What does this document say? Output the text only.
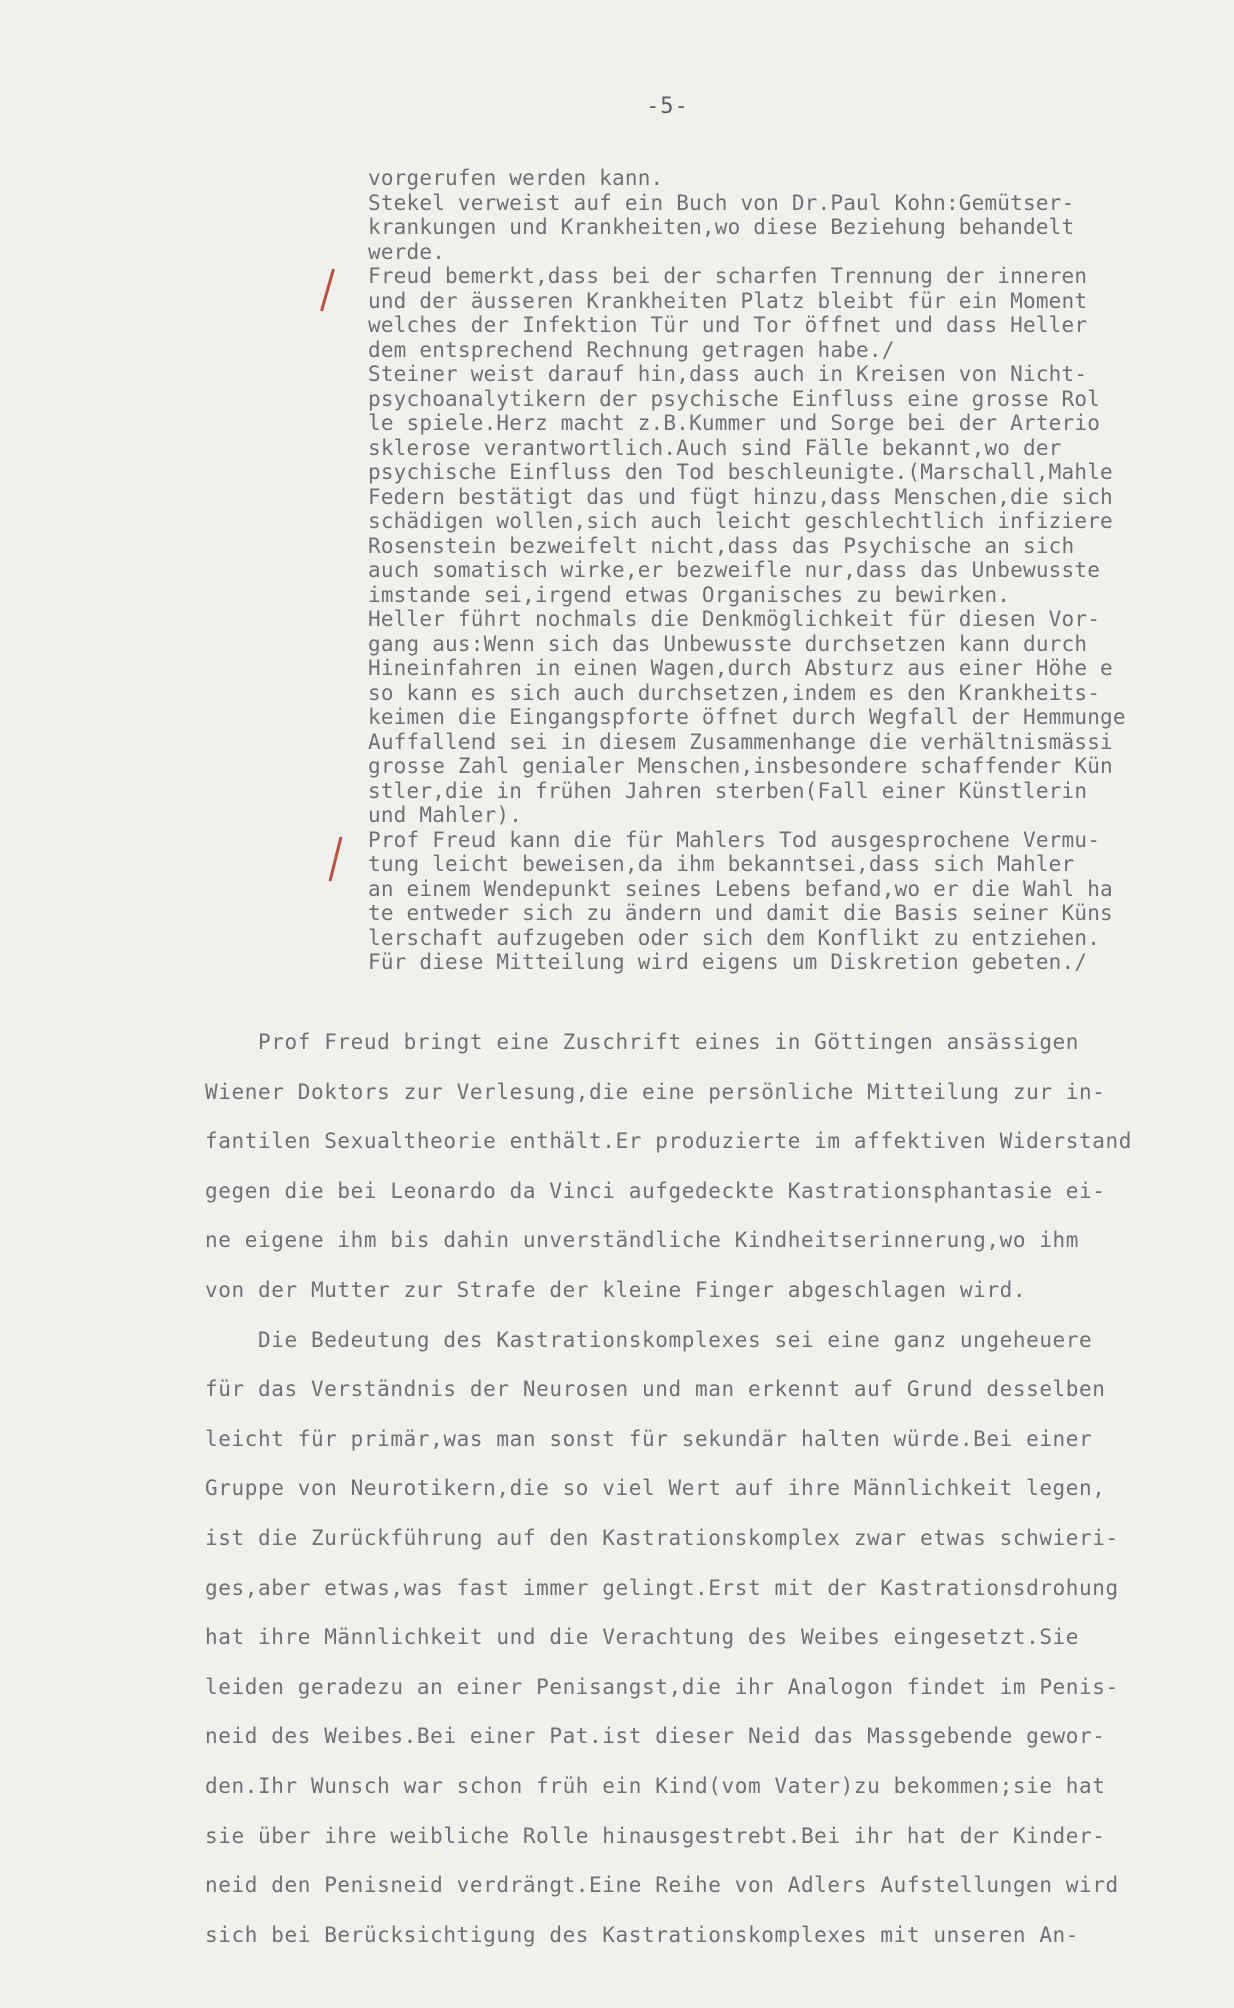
-5-
vorgerufen werden kann.
Stekel verweist auf ein Buch von Dr.Paul Kohn:Gemütser-
krankungen und Krankheiten,wo diese Beziehung behandelt
werde.
Freud bemerkt,dass bei der scharfen Trennung der inneren
und der äusseren Krankheiten Platz bleibt für ein Moment
welches der Infektion Tür und Tor öffnet und dass Heller
dem entsprechend Rechnung getragen habe./
Steiner weist darauf hin,dass auch in Kreisen von Nicht-
psychoanalytikern der psychische Einfluss eine grosse Rol
le spiele.Herz macht z.B.Kummer und Sorge bei der Arterio
sklerose verantwortlich.Auch sind Fälle bekannt,wo der
psychische Einfluss den Tod beschleunigte.(Marschall,Mahle
Federn bestätigt das und fügt hinzu,dass Menschen,die sich
schädigen wollen,sich auch leicht geschlechtlich infiziere
Rosenstein bezweifelt nicht,dass das Psychische an sich
auch somatisch wirke,er bezweifle nur,dass das Unbewusste
imstande sei,irgend etwas Organisches zu bewirken.
Heller führt nochmals die Denkmöglichkeit für diesen Vor-
gang aus:Wenn sich das Unbewusste durchsetzen kann durch
Hineinfahren in einen Wagen,durch Absturz aus einer Höhe e
so kann es sich auch durchsetzen,indem es den Krankheits-
keimen die Eingangspforte öffnet durch Wegfall der Hemmunge
Auffallend sei in diesem Zusammenhange die verhältnismässi
grosse Zahl genialer Menschen,insbesondere schaffender Kün
stler,die in frühen Jahren sterben(Fall einer Künstlerin
und Mahler).
Prof Freud kann die für Mahlers Tod ausgesprochene Vermu-
tung leicht beweisen,da ihm bekanntsei,dass sich Mahler
an einem Wendepunkt seines Lebens befand,wo er die Wahl ha
te entweder sich zu ändern und damit die Basis seiner Küns
lerschaft aufzugeben oder sich dem Konflikt zu entziehen.
Für diese Mitteilung wird eigens um Diskretion gebeten./
Prof Freud bringt eine Zuschrift eines in Göttingen ansässigen
Wiener Doktors zur Verlesung,die eine persönliche Mitteilung zur in-
fantilen Sexualtheorie enthält.Er produzierte im affektiven Widerstand
gegen die bei Leonardo da Vinci aufgedeckte Kastrationsphantasie ei-
ne eigene ihm bis dahin unverständliche Kindheitserinnerung,wo ihm
von der Mutter zur Strafe der kleine Finger abgeschlagen wird.
Die Bedeutung des Kastrationskomplexes sei eine ganz ungeheuere
für das Verständnis der Neurosen und man erkennt auf Grund desselben
leicht für primär,was man sonst für sekundär halten würde.Bei einer
Gruppe von Neurotikern,die so viel Wert auf ihre Männlichkeit legen,
ist die Zurückführung auf den Kastrationskomplex zwar etwas schwieri-
ges,aber etwas,was fast immer gelingt.Erst mit der Kastrationsdrohung
hat ihre Männlichkeit und die Verachtung des Weibes eingesetzt.Sie
leiden geradezu an einer Penisangst,die ihr Analogon findet im Penis-
neid des Weibes.Bei einer Pat.ist dieser Neid das Massgebende gewor-
den.Ihr Wunsch war schon früh ein Kind(vom Vater)zu bekommen;sie hat
sie über ihre weibliche Rolle hinausgestrebt.Bei ihr hat der Kinder-
neid den Penisneid verdrängt.Eine Reihe von Adlers Aufstellungen wird
sich bei Berücksichtigung des Kastrationskomplexes mit unseren An-
